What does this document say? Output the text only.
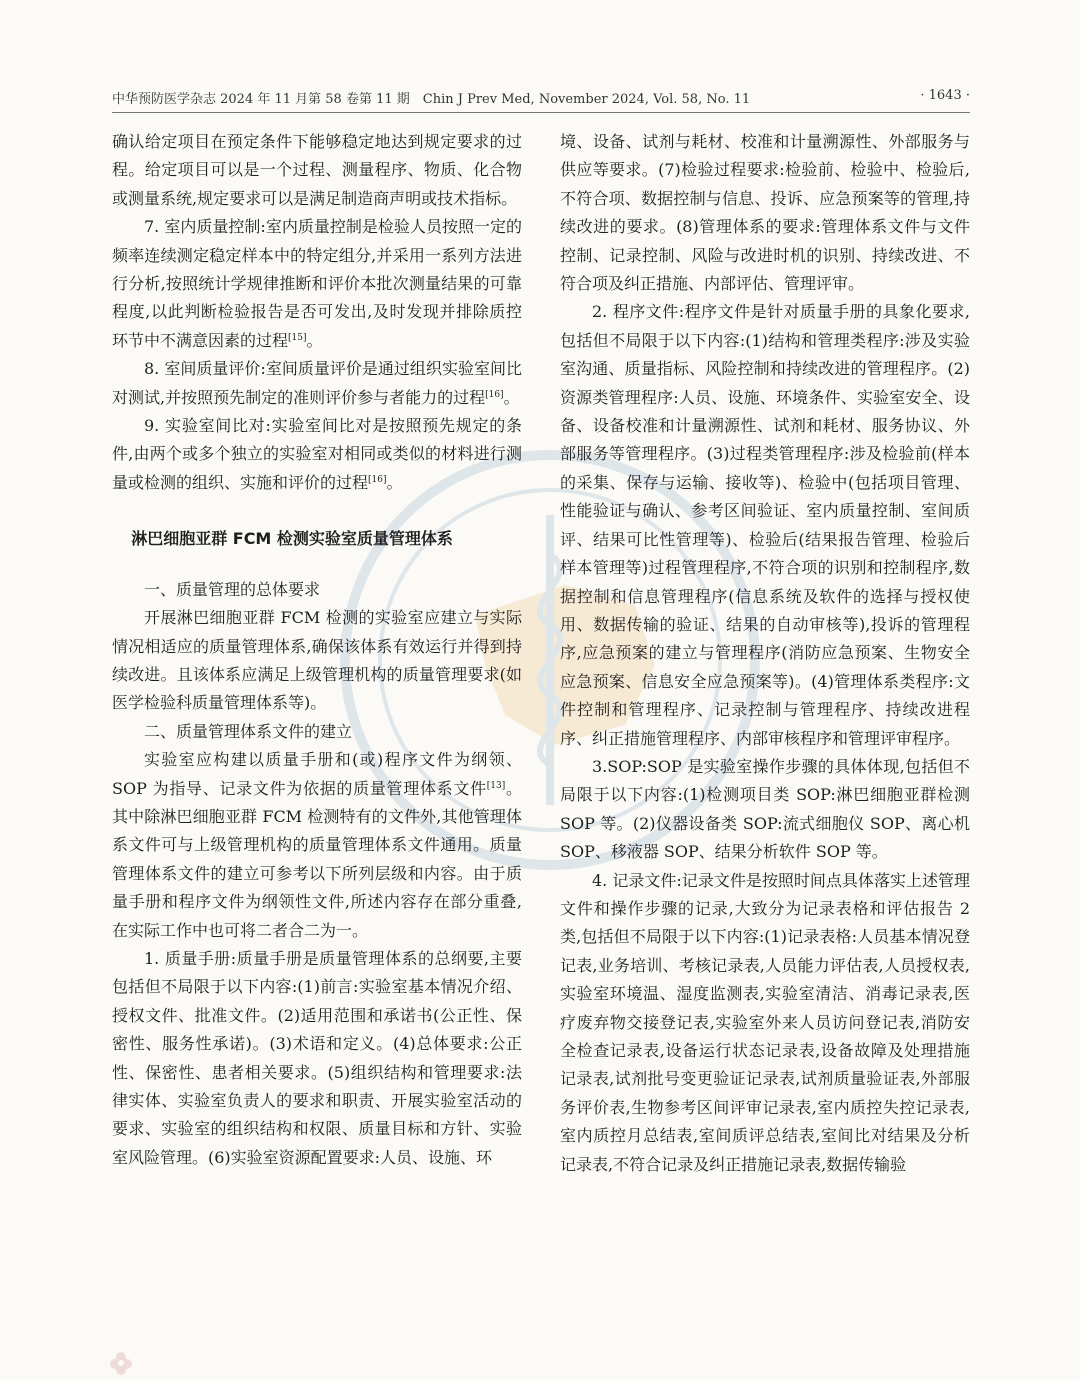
中华预防医学杂志 2024 年 11 月第 58 卷第 11 期　Chin J Prev Med, November 2024, Vol. 58, No. 11	· 1643 ·

确认给定项目在预定条件下能够稳定地达到规定要求的过程。给定项目可以是一个过程、测量程序、物质、化合物或测量系统,规定要求可以是满足制造商声明或技术指标。

7. 室内质量控制:室内质量控制是检验人员按照一定的频率连续测定稳定样本中的特定组分,并采用一系列方法进行分析,按照统计学规律推断和评价本批次测量结果的可靠程度,以此判断检验报告是否可发出,及时发现并排除质控环节中不满意因素的过程[15]。

8. 室间质量评价:室间质量评价是通过组织实验室间比对测试,并按照预先制定的准则评价参与者能力的过程[16]。

9. 实验室间比对:实验室间比对是按照预先规定的条件,由两个或多个独立的实验室对相同或类似的材料进行测量或检测的组织、实施和评价的过程[16]。

淋巴细胞亚群 FCM 检测实验室质量管理体系

一、质量管理的总体要求

开展淋巴细胞亚群 FCM 检测的实验室应建立与实际情况相适应的质量管理体系,确保该体系有效运行并得到持续改进。且该体系应满足上级管理机构的质量管理要求(如医学检验科质量管理体系等)。

二、质量管理体系文件的建立

实验室应构建以质量手册和(或)程序文件为纲领、SOP 为指导、记录文件为依据的质量管理体系文件[13]。其中除淋巴细胞亚群 FCM 检测特有的文件外,其他管理体系文件可与上级管理机构的质量管理体系文件通用。质量管理体系文件的建立可参考以下所列层级和内容。由于质量手册和程序文件为纲领性文件,所述内容存在部分重叠,在实际工作中也可将二者合二为一。

1. 质量手册:质量手册是质量管理体系的总纲要,主要包括但不局限于以下内容:(1)前言:实验室基本情况介绍、授权文件、批准文件。(2)适用范围和承诺书(公正性、保密性、服务性承诺)。(3)术语和定义。(4)总体要求:公正性、保密性、患者相关要求。(5)组织结构和管理要求:法律实体、实验室负责人的要求和职责、开展实验室活动的要求、实验室的组织结构和权限、质量目标和方针、实验室风险管理。(6)实验室资源配置要求:人员、设施、环

境、设备、试剂与耗材、校准和计量溯源性、外部服务与供应等要求。(7)检验过程要求:检验前、检验中、检验后,不符合项、数据控制与信息、投诉、应急预案等的管理,持续改进的要求。(8)管理体系的要求:管理体系文件与文件控制、记录控制、风险与改进时机的识别、持续改进、不符合项及纠正措施、内部评估、管理评审。

2. 程序文件:程序文件是针对质量手册的具象化要求,包括但不局限于以下内容:(1)结构和管理类程序:涉及实验室沟通、质量指标、风险控制和持续改进的管理程序。(2)资源类管理程序:人员、设施、环境条件、实验室安全、设备、设备校准和计量溯源性、试剂和耗材、服务协议、外部服务等管理程序。(3)过程类管理程序:涉及检验前(样本的采集、保存与运输、接收等)、检验中(包括项目管理、性能验证与确认、参考区间验证、室内质量控制、室间质评、结果可比性管理等)、检验后(结果报告管理、检验后样本管理等)过程管理程序,不符合项的识别和控制程序,数据控制和信息管理程序(信息系统及软件的选择与授权使用、数据传输的验证、结果的自动审核等),投诉的管理程序,应急预案的建立与管理程序(消防应急预案、生物安全应急预案、信息安全应急预案等)。(4)管理体系类程序:文件控制和管理程序、记录控制与管理程序、持续改进程序、纠正措施管理程序、内部审核程序和管理评审程序。

3.SOP:SOP 是实验室操作步骤的具体体现,包括但不局限于以下内容:(1)检测项目类 SOP:淋巴细胞亚群检测 SOP 等。(2)仪器设备类 SOP:流式细胞仪 SOP、离心机 SOP、移液器 SOP、结果分析软件 SOP 等。

4. 记录文件:记录文件是按照时间点具体落实上述管理文件和操作步骤的记录,大致分为记录表格和评估报告 2 类,包括但不局限于以下内容:(1)记录表格:人员基本情况登记表,业务培训、考核记录表,人员能力评估表,人员授权表,实验室环境温、湿度监测表,实验室清洁、消毒记录表,医疗废弃物交接登记表,实验室外来人员访问登记表,消防安全检查记录表,设备运行状态记录表,设备故障及处理措施记录表,试剂批号变更验证记录表,试剂质量验证表,外部服务评价表,生物参考区间评审记录表,室内质控失控记录表,室内质控月总结表,室间质评总结表,室间比对结果及分析记录表,不符合记录及纠正措施记录表,数据传输验
